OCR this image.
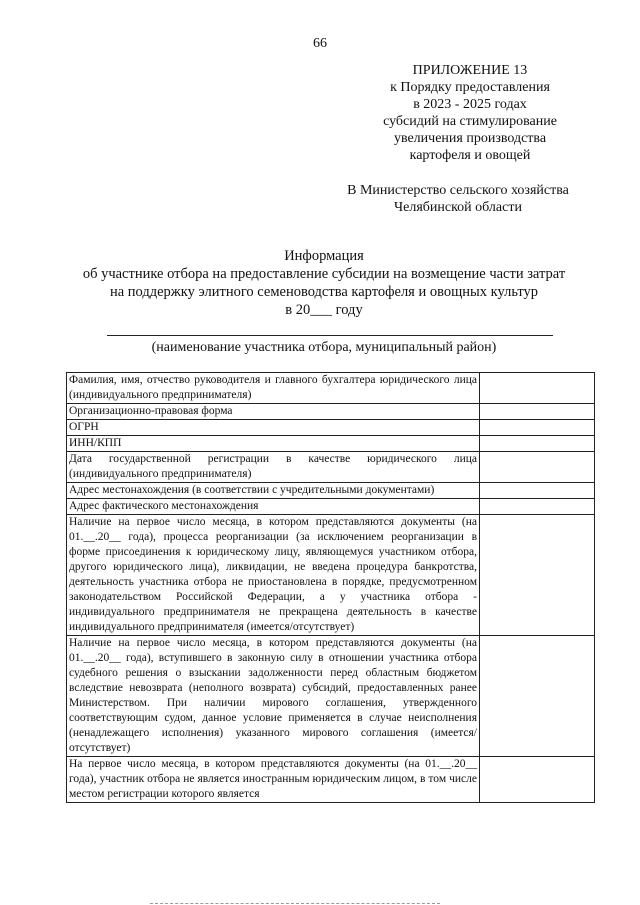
66
ПРИЛОЖЕНИЕ 13
к Порядку предоставления
в 2023 - 2025 годах
субсидий на стимулирование
увеличения производства
картофеля и овощей
В Министерство сельского хозяйства
Челябинской области
Информация
об участнике отбора на предоставление субсидии на возмещение части затрат
на поддержку элитного семеноводства картофеля и овощных культур
в 20___ году
(наименование участника отбора, муниципальный район)
Фамилия, имя, отчество руководителя и главного бухгалтера юридического лица (индивидуального предпринимателя)	
Организационно-правовая форма	
ОГРН	
ИНН/КПП	
Дата государственной регистрации в качестве юридического лица (индивидуального предпринимателя)	
Адрес местонахождения (в соответствии с учредительными документами)	
Адрес фактического местонахождения	
Наличие на первое число месяца, в котором представляются документы (на 01.__.20__ года), процесса реорганизации (за исключением реорганизации в форме присоединения к юридическому лицу, являющемуся участником отбора, другого юридического лица), ликвидации, не введена процедура банкротства, деятельность участника отбора не приостановлена в порядке, предусмотренном законодательством Российской Федерации, а у участника отбора - индивидуального предпринимателя не прекращена деятельность в качестве индивидуального предпринимателя (имеется/отсутствует)	
Наличие на первое число месяца, в котором представляются документы (на 01.__.20__ года), вступившего в законную силу в отношении участника отбора судебного решения о взыскании задолженности перед областным бюджетом вследствие невозврата (неполного возврата) субсидий, предоставленных ранее Министерством. При наличии мирового соглашения, утвержденного соответствующим судом, данное условие применяется в случае неисполнения (ненадлежащего исполнения) указанного мирового соглашения (имеется/отсутствует)	
На первое число месяца, в котором представляются документы (на 01.__.20__ года), участник отбора не является иностранным юридическим лицом, в том числе местом регистрации которого является	
